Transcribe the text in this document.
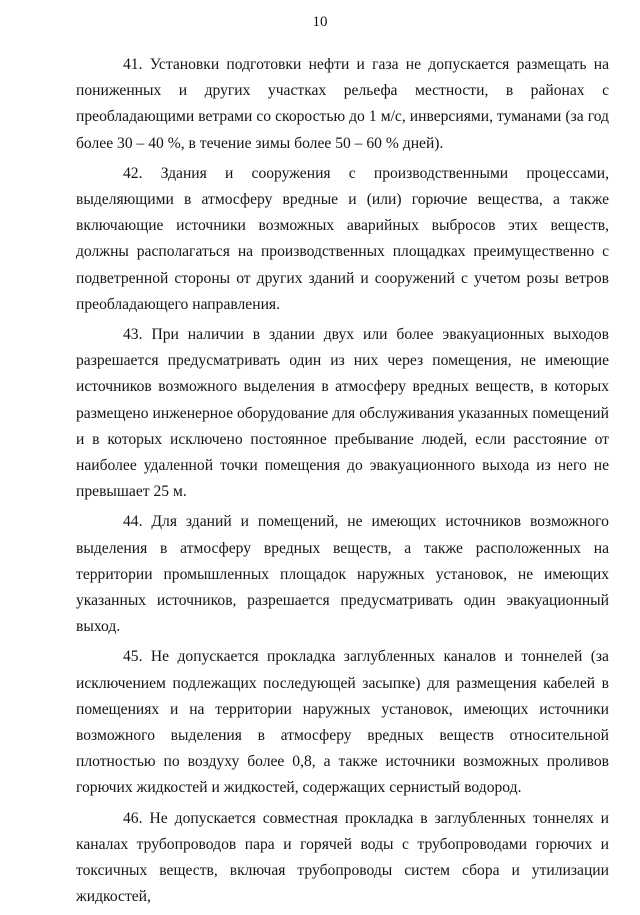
10

41. Установки подготовки нефти и газа не допускается размещать на пониженных и других участках рельефа местности, в районах с преобладающими ветрами со скоростью до 1 м/с, инверсиями, туманами (за год более 30 – 40 %, в течение зимы более 50 – 60 % дней).

42. Здания и сооружения с производственными процессами, выделяющими в атмосферу вредные и (или) горючие вещества, а также включающие источники возможных аварийных выбросов этих веществ, должны располагаться на производственных площадках преимущественно с подветренной стороны от других зданий и сооружений с учетом розы ветров преобладающего направления.

43. При наличии в здании двух или более эвакуационных выходов разрешается предусматривать один из них через помещения, не имеющие источников возможного выделения в атмосферу вредных веществ, в которых размещено инженерное оборудование для обслуживания указанных помещений и в которых исключено постоянное пребывание людей, если расстояние от наиболее удаленной точки помещения до эвакуационного выхода из него не превышает 25 м.

44. Для зданий и помещений, не имеющих источников возможного выделения в атмосферу вредных веществ, а также расположенных на территории промышленных площадок наружных установок, не имеющих указанных источников, разрешается предусматривать один эвакуационный выход.

45. Не допускается прокладка заглубленных каналов и тоннелей (за исключением подлежащих последующей засыпке) для размещения кабелей в помещениях и на территории наружных установок, имеющих источники возможного выделения в атмосферу вредных веществ относительной плотностью по воздуху более 0,8, а также источники возможных проливов горючих жидкостей и жидкостей, содержащих сернистый водород.

46. Не допускается совместная прокладка в заглубленных тоннелях и каналах трубопроводов пара и горячей воды с трубопроводами горючих и токсичных веществ, включая трубопроводы систем сбора и утилизации жидкостей,
